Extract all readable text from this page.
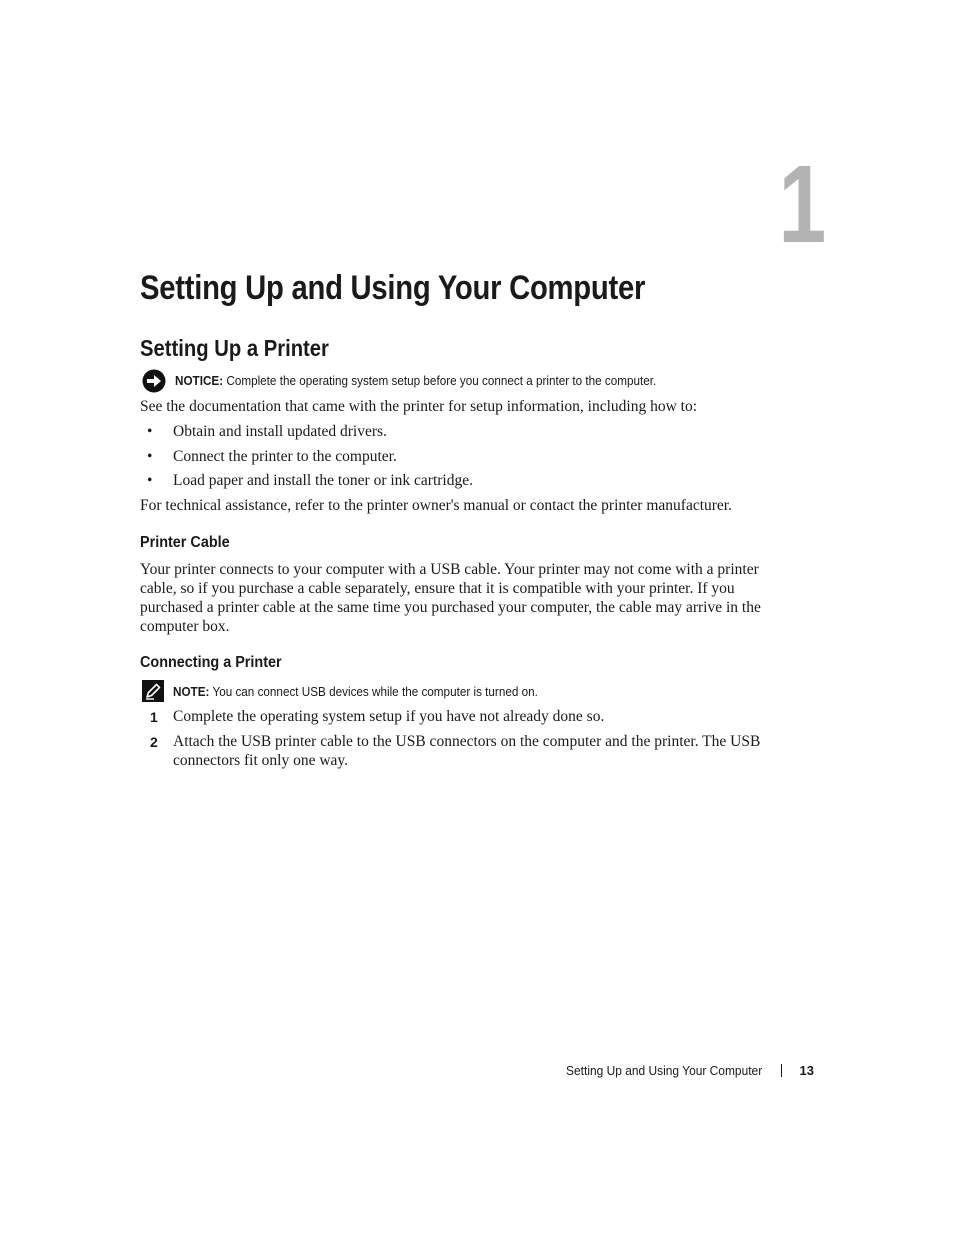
1
Setting Up and Using Your Computer
Setting Up a Printer
NOTICE: Complete the operating system setup before you connect a printer to the computer.

See the documentation that came with the printer for setup information, including how to:

• Obtain and install updated drivers.
• Connect the printer to the computer.
• Load paper and install the toner or ink cartridge.

For technical assistance, refer to the printer owner's manual or contact the printer manufacturer.

Printer Cable

Your printer connects to your computer with a USB cable. Your printer may not come with a printer
cable, so if you purchase a cable separately, ensure that it is compatible with your printer. If you
purchased a printer cable at the same time you purchased your computer, the cable may arrive in the
computer box.

Connecting a Printer
NOTE: You can connect USB devices while the computer is turned on.
1 Complete the operating system setup if you have not already done so.
2 Attach the USB printer cable to the USB connectors on the computer and the printer. The USB
connectors fit only one way.
Setting Up and Using Your Computer	13
